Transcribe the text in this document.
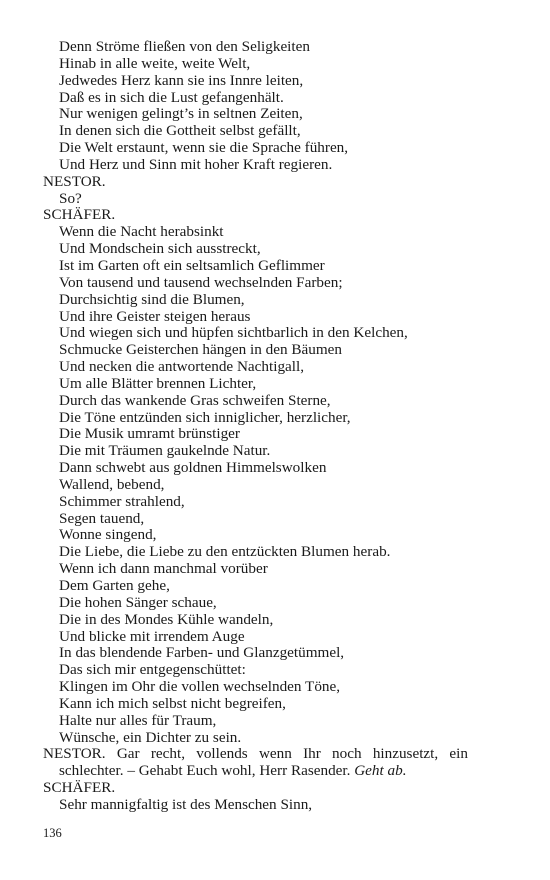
Denn Ströme fließen von den Seligkeiten
Hinab in alle weite, weite Welt,
Jedwedes Herz kann sie ins Innre leiten,
Daß es in sich die Lust gefangenhält.
Nur wenigen gelingt’s in seltnen Zeiten,
In denen sich die Gottheit selbst gefällt,
Die Welt erstaunt, wenn sie die Sprache führen,
Und Herz und Sinn mit hoher Kraft regieren.
NESTOR.
So?
SCHÄFER.
Wenn die Nacht herabsinkt
Und Mondschein sich ausstreckt,
Ist im Garten oft ein seltsamlich Geflimmer
Von tausend und tausend wechselnden Farben;
Durchsichtig sind die Blumen,
Und ihre Geister steigen heraus
Und wiegen sich und hüpfen sichtbarlich in den Kelchen,
Schmucke Geisterchen hängen in den Bäumen
Und necken die antwortende Nachtigall,
Um alle Blätter brennen Lichter,
Durch das wankende Gras schweifen Sterne,
Die Töne entzünden sich inniglicher, herzlicher,
Die Musik umramt brünstiger
Die mit Träumen gaukelnde Natur.
Dann schwebt aus goldnen Himmelswolken
Wallend, bebend,
Schimmer strahlend,
Segen tauend,
Wonne singend,
Die Liebe, die Liebe zu den entzückten Blumen herab.
Wenn ich dann manchmal vorüber
Dem Garten gehe,
Die hohen Sänger schaue,
Die in des Mondes Kühle wandeln,
Und blicke mit irrendem Auge
In das blendende Farben- und Glanzgetümmel,
Das sich mir entgegenschüttet:
Klingen im Ohr die vollen wechselnden Töne,
Kann ich mich selbst nicht begreifen,
Halte nur alles für Traum,
Wünsche, ein Dichter zu sein.
NESTOR. Gar recht, vollends wenn Ihr noch hinzusetzt, ein
schlechter. – Gehabt Euch wohl, Herr Rasender. Geht ab.
SCHÄFER.
Sehr mannigfaltig ist des Menschen Sinn,
136
